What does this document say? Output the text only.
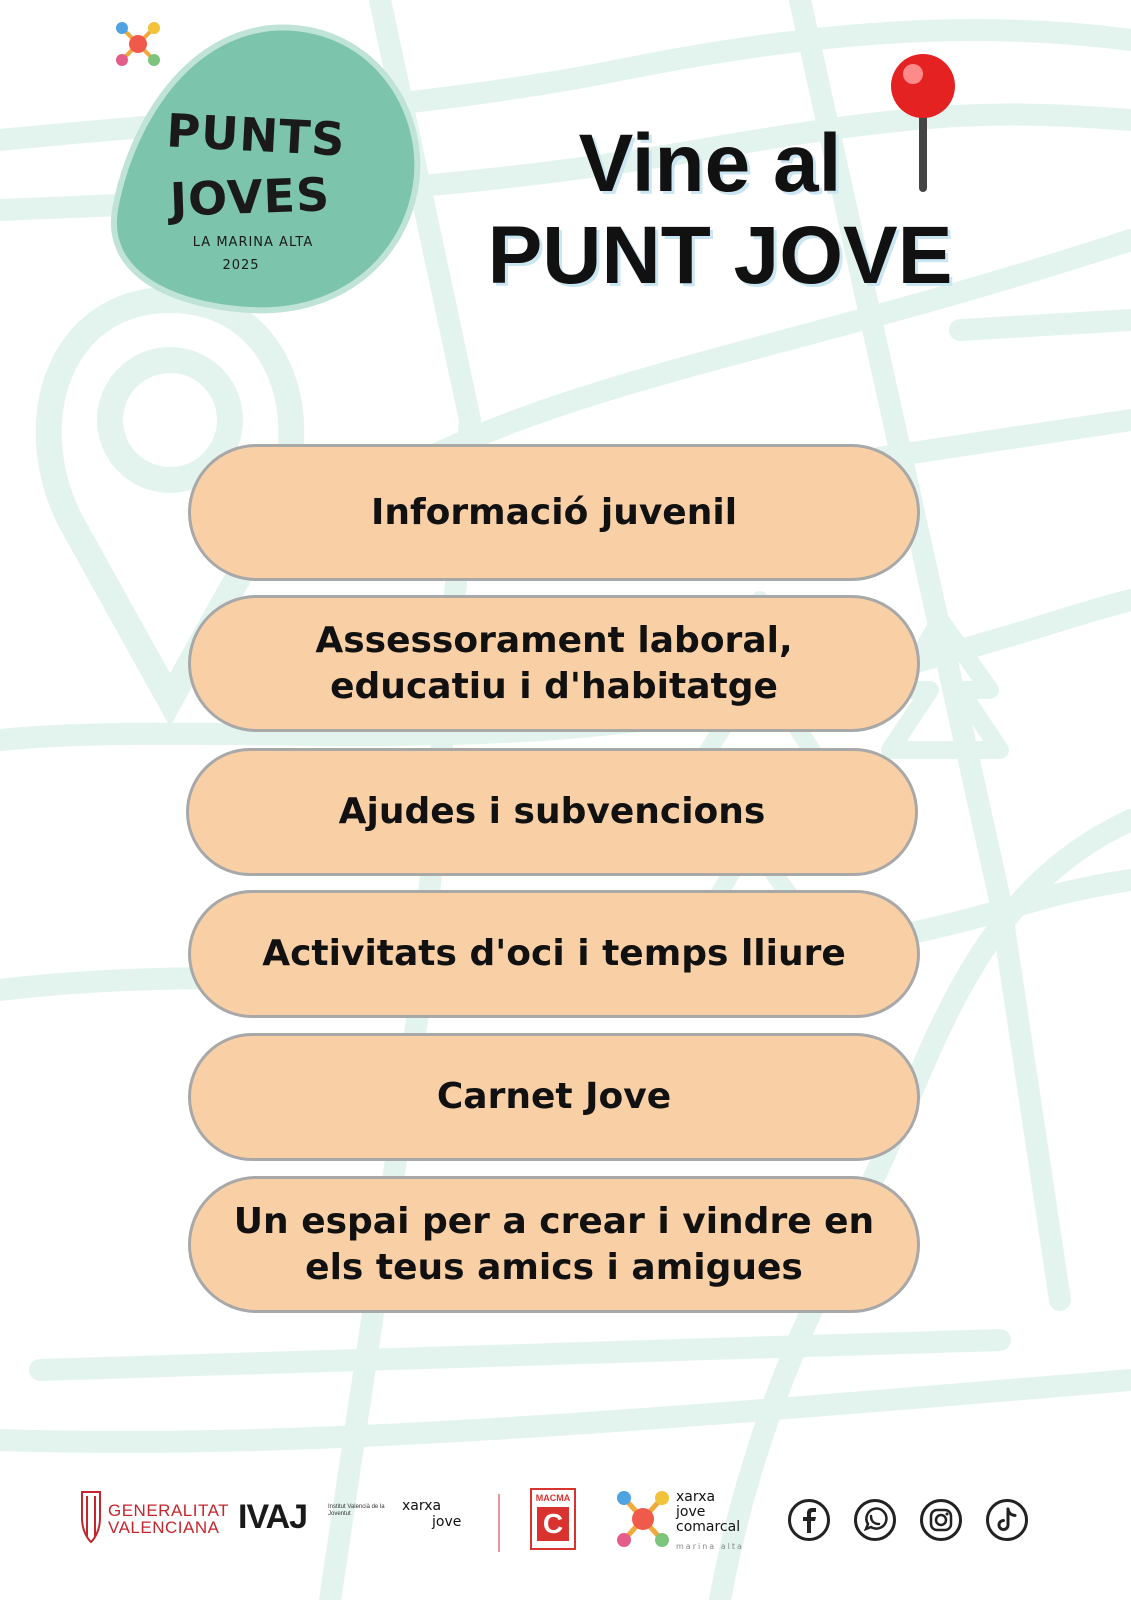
PUNTS
JOVES
LA MARINA ALTA
2025
Vine al
PUNT JOVE
Informació juvenil
Assessorament laboral, educatiu i d'habitatge
Ajudes i subvencions
Activitats d'oci i temps lliure
Carnet Jove
Un espai per a crear i vindre en els teus amics i amigues
GENERALITAT
VALENCIANA IVAJ	Institut Valencià de la Joventut	xarxa
jove
MACMA
C
xarxa
jove
comarcal
marina alta
